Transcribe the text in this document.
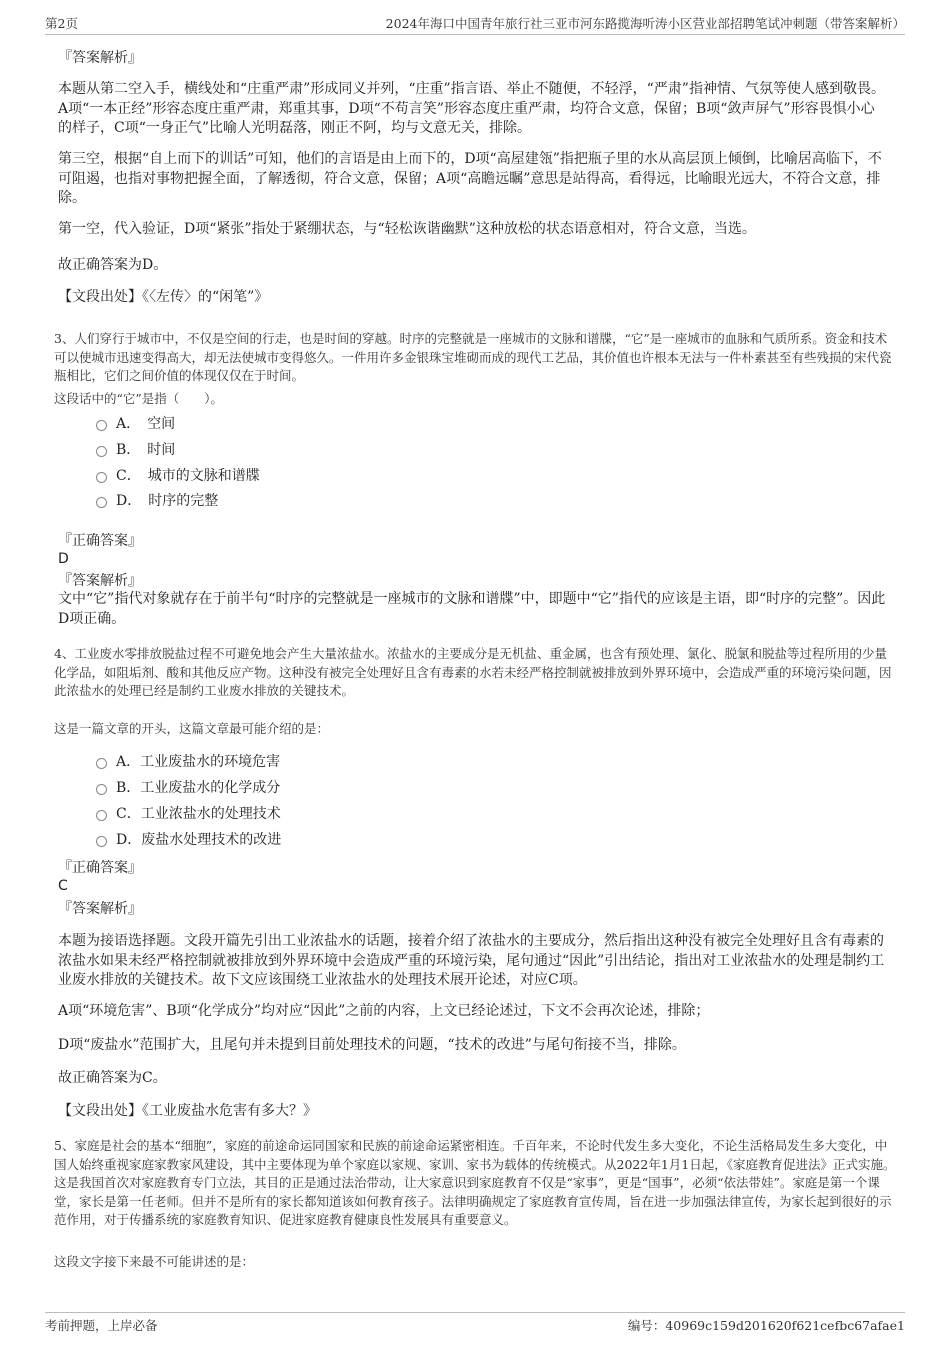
第2页	2024年海口中国青年旅行社三亚市河东路揽海听涛小区营业部招聘笔试冲刺题（带答案解析）
『答案解析』
本题从第二空入手，横线处和“庄重严肃”形成同义并列，“庄重”指言语、举止不随便，不轻浮，“严肃”指神情、气氛等使人感到敬畏。A项“一本正经”形容态度庄重严肃，郑重其事，D项“不苟言笑”形容态度庄重严肃，均符合文意，保留；B项“敛声屏气”形容畏惧小心的样子，C项“一身正气”比喻人光明磊落，刚正不阿，均与文意无关，排除。
第三空，根据“自上而下的训话”可知，他们的言语是由上而下的，D项“高屋建瓴”指把瓶子里的水从高层顶上倾倒，比喻居高临下，不可阻遏，也指对事物把握全面，了解透彻，符合文意，保留；A项“高瞻远瞩”意思是站得高，看得远，比喻眼光远大，不符合文意，排除。
第一空，代入验证，D项“紧张”指处于紧绷状态，与“轻松诙谐幽默”这种放松的状态语意相对，符合文意，当选。
故正确答案为D。
【文段出处】《〈左传〉的“闲笔”》
3、人们穿行于城市中，不仅是空间的行走，也是时间的穿越。时序的完整就是一座城市的文脉和谱牒，“它”是一座城市的血脉和气质所系。资金和技术可以使城市迅速变得高大，却无法使城市变得悠久。一件用许多金银珠宝堆砌而成的现代工艺品，其价值也许根本无法与一件朴素甚至有些残损的宋代瓷瓶相比，它们之间价值的体现仅仅在于时间。
这段话中的“它”是指（　　）。
A．　空间
B．　时间
C．　城市的文脉和谱牒
D．　时序的完整
『正确答案』
D
『答案解析』
文中“它”指代对象就存在于前半句“时序的完整就是一座城市的文脉和谱牒”中，即题中“它”指代的应该是主语，即“时序的完整”。因此D项正确。
4、工业废水零排放脱盐过程不可避免地会产生大量浓盐水。浓盐水的主要成分是无机盐、重金属，也含有预处理、氯化、脱氯和脱盐等过程所用的少量化学品，如阻垢剂、酸和其他反应产物。这种没有被完全处理好且含有毒素的水若未经严格控制就被排放到外界环境中，会造成严重的环境污染问题，因此浓盐水的处理已经是制约工业废水排放的关键技术。
这是一篇文章的开头，这篇文章最可能介绍的是：
A．工业废盐水的环境危害
B．工业废盐水的化学成分
C．工业浓盐水的处理技术
D．废盐水处理技术的改进
『正确答案』
C
『答案解析』
本题为接语选择题。文段开篇先引出工业浓盐水的话题，接着介绍了浓盐水的主要成分，然后指出这种没有被完全处理好且含有毒素的浓盐水如果未经严格控制就被排放到外界环境中会造成严重的环境污染，尾句通过“因此”引出结论，指出对工业浓盐水的处理是制约工业废水排放的关键技术。故下文应该围绕工业浓盐水的处理技术展开论述，对应C项。
A项“环境危害”、B项“化学成分”均对应“因此”之前的内容，上文已经论述过，下文不会再次论述，排除；
D项“废盐水”范围扩大，且尾句并未提到目前处理技术的问题，“技术的改进”与尾句衔接不当，排除。
故正确答案为C。
【文段出处】《工业废盐水危害有多大？》
5、家庭是社会的基本“细胞”，家庭的前途命运同国家和民族的前途命运紧密相连。千百年来，不论时代发生多大变化，不论生活格局发生多大变化，中国人始终重视家庭家教家风建设，其中主要体现为单个家庭以家规、家训、家书为载体的传统模式。从2022年1月1日起，《家庭教育促进法》正式实施。这是我国首次对家庭教育专门立法，其目的正是通过法治带动，让大家意识到家庭教育不仅是“家事”，更是“国事”，必须“依法带娃”。家庭是第一个课堂，家长是第一任老师。但并不是所有的家长都知道该如何教育孩子。法律明确规定了家庭教育宣传周，旨在进一步加强法律宣传，为家长起到很好的示范作用，对于传播系统的家庭教育知识、促进家庭教育健康良性发展具有重要意义。
这段文字接下来最不可能讲述的是：
考前押题，上岸必备	编号：40969c159d201620f621cefbc67afae1
